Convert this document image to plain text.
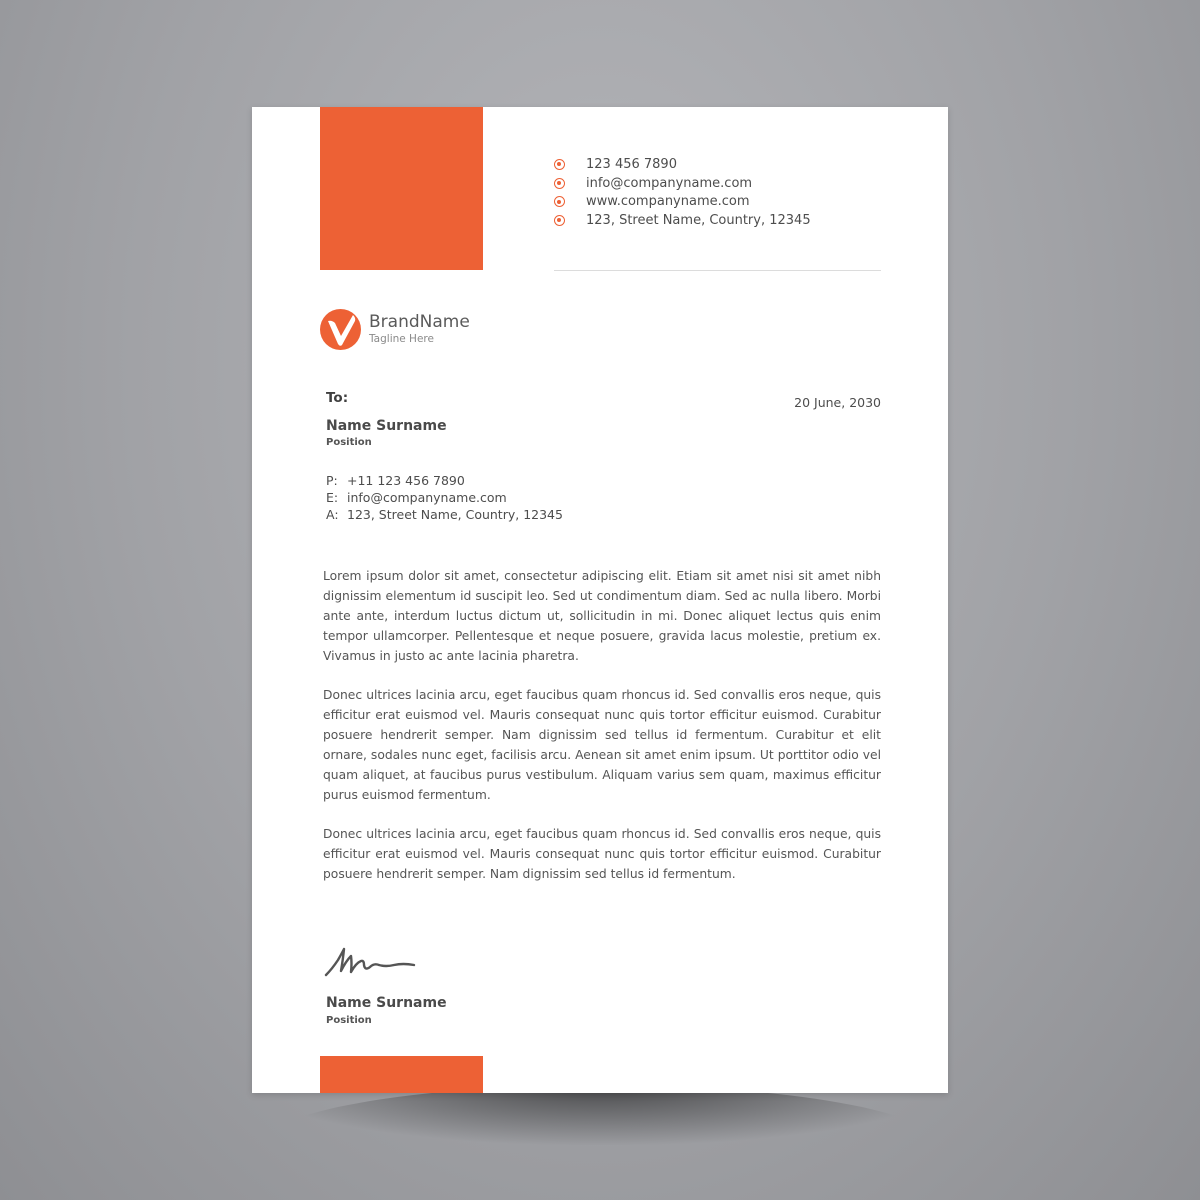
123 456 7890
info@companyname.com
www.companyname.com
123, Street Name, Country, 12345
BrandName
Tagline Here
To:	20 June, 2030
Name Surname
Position
P: +11 123 456 7890
E: info@companyname.com
A: 123, Street Name, Country, 12345

Lorem ipsum dolor sit amet, consectetur adipiscing elit. Etiam sit amet nisi sit amet nibh dignissim elementum id suscipit leo. Sed ut condimentum diam. Sed ac nulla libero. Morbi ante ante, interdum luctus dictum ut, sollicitudin in mi. Donec aliquet lectus quis enim tempor ullamcorper. Pellentesque et neque posuere, gravida lacus molestie, pretium ex. Vivamus in justo ac ante lacinia pharetra.

Donec ultrices lacinia arcu, eget faucibus quam rhoncus id. Sed convallis eros neque, quis efficitur erat euismod vel. Mauris consequat nunc quis tortor efficitur euismod. Curabitur posuere hendrerit semper. Nam dignissim sed tellus id fermentum. Curabitur et elit ornare, sodales nunc eget, facilisis arcu. Aenean sit amet enim ipsum. Ut porttitor odio vel quam aliquet, at faucibus purus vestibulum. Aliquam varius sem quam, maximus efficitur purus euismod fermentum.

Donec ultrices lacinia arcu, eget faucibus quam rhoncus id. Sed convallis eros neque, quis efficitur erat euismod vel. Mauris consequat nunc quis tortor efficitur euismod. Curabitur posuere hendrerit semper. Nam dignissim sed tellus id fermentum.

Name Surname
Position
